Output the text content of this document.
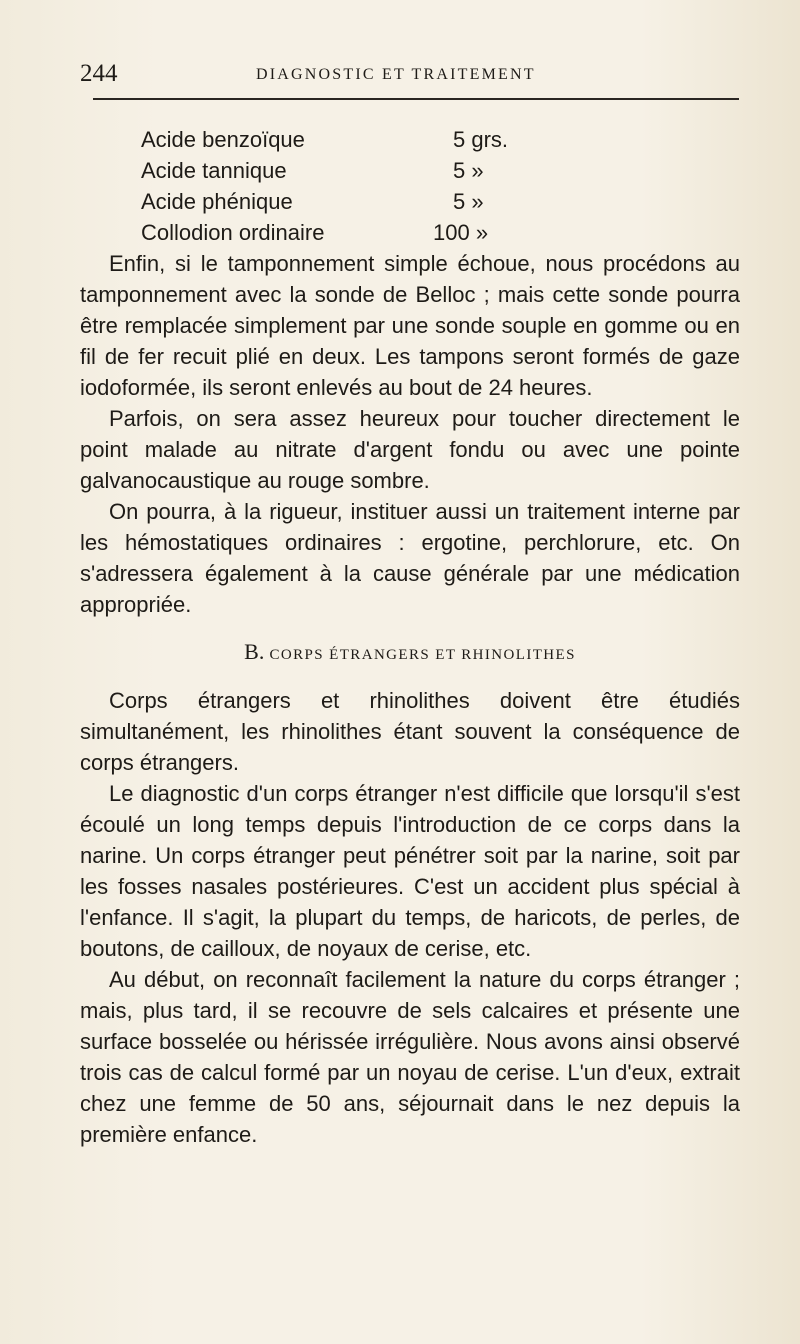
244	DIAGNOSTIC ET TRAITEMENT
Acide benzoïque	5 grs.
Acide tannique	5 »
Acide phénique	5 »
Collodion ordinaire	100 »

Enfin, si le tamponnement simple échoue, nous procédons au tamponnement avec la sonde de Belloc ; mais cette sonde pourra être remplacée simplement par une sonde souple en gomme ou en fil de fer recuit plié en deux. Les tampons seront formés de gaze iodoformée, ils seront enlevés au bout de 24 heures.

Parfois, on sera assez heureux pour toucher directement le point malade au nitrate d'argent fondu ou avec une pointe galvanocaustique au rouge sombre.

On pourra, à la rigueur, instituer aussi un traitement interne par les hémostatiques ordinaires : ergotine, perchlorure, etc. On s'adressera également à la cause générale par une médication appropriée.

B. CORPS ÉTRANGERS ET RHINOLITHES

Corps étrangers et rhinolithes doivent être étudiés simultanément, les rhinolithes étant souvent la conséquence de corps étrangers.

Le diagnostic d'un corps étranger n'est difficile que lorsqu'il s'est écoulé un long temps depuis l'introduction de ce corps dans la narine. Un corps étranger peut pénétrer soit par la narine, soit par les fosses nasales postérieures. C'est un accident plus spécial à l'enfance. Il s'agit, la plupart du temps, de haricots, de perles, de boutons, de cailloux, de noyaux de cerise, etc.

Au début, on reconnaît facilement la nature du corps étranger ; mais, plus tard, il se recouvre de sels calcaires et présente une surface bosselée ou hérissée irrégulière. Nous avons ainsi observé trois cas de calcul formé par un noyau de cerise. L'un d'eux, extrait chez une femme de 50 ans, séjournait dans le nez depuis la première enfance.
